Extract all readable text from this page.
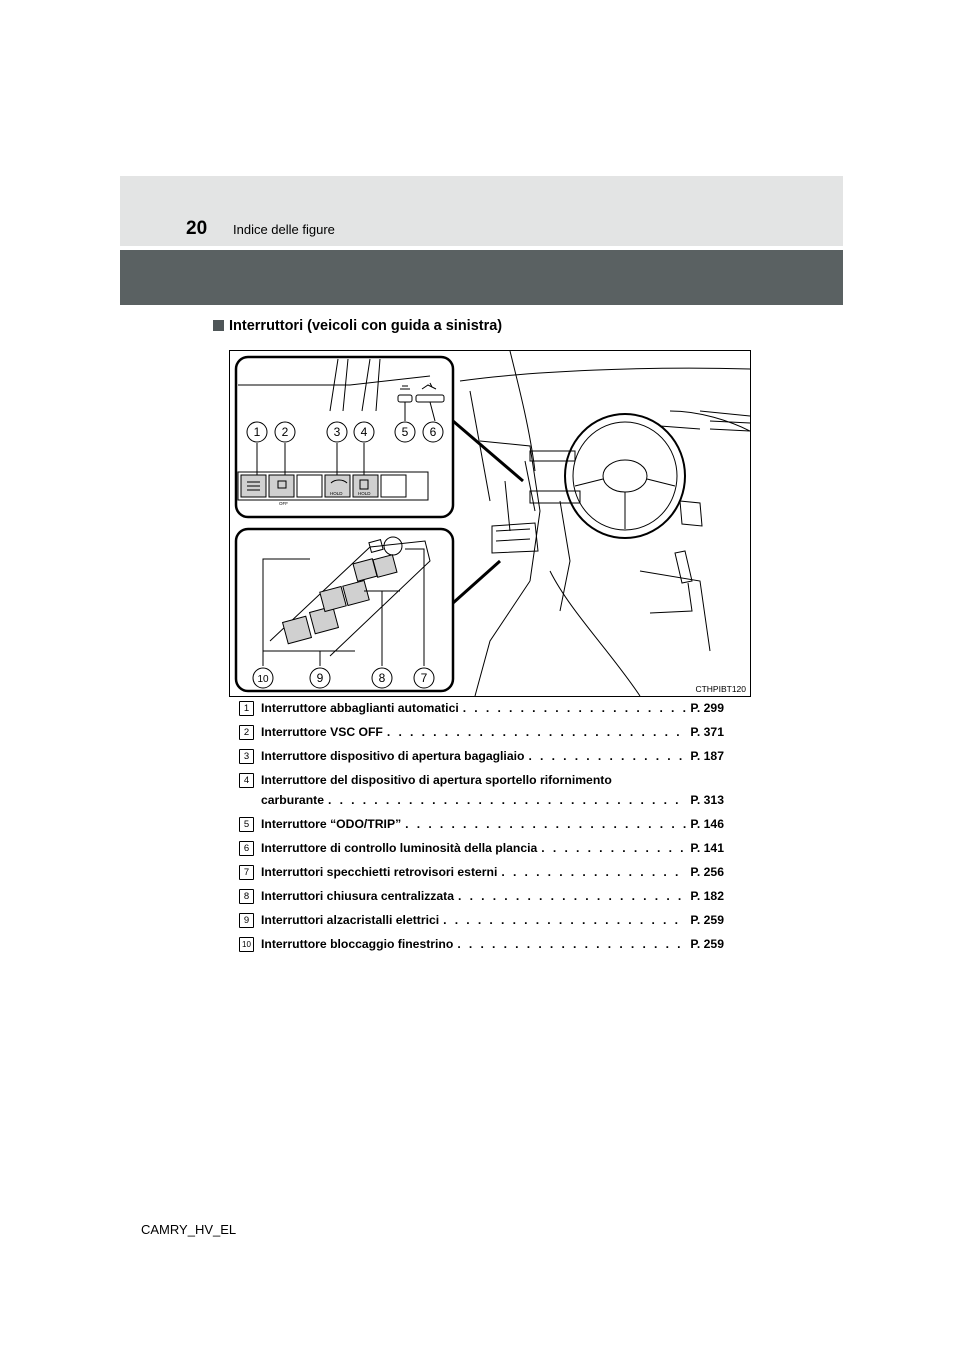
20 Indice delle figure
Interruttori (veicoli con guida a sinistra)
OFF
HOLD	HOLD
1 2	3 4	5 6
7
8
9
10
CTHPIBT120
1 Interruttore abbaglianti automatici . . .	P. 299
2 Interruttore VSC OFF . . .	P. 371
3 Interruttore dispositivo di apertura bagagliaio . . .	P. 187
4 Interruttore del dispositivo di apertura sportello rifornimento
carburante . . .	P. 313
5 Interruttore “ODO/TRIP” . . .	P. 146
6 Interruttore di controllo luminosità della plancia . . .	P. 141
7 Interruttori specchietti retrovisori esterni . . .	P. 256
8 Interruttori chiusura centralizzata . . .	P. 182
9 Interruttori alzacristalli elettrici . . .	P. 259
10 Interruttore bloccaggio finestrino . . .	P. 259
CAMRY_HV_EL
